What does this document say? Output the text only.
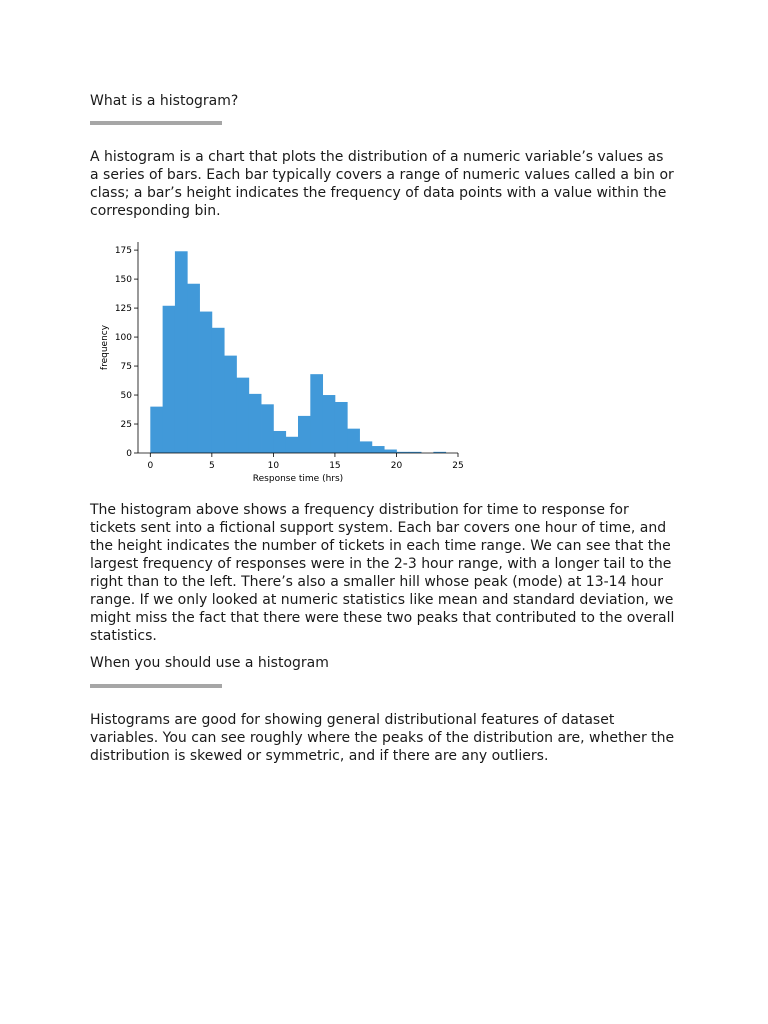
What is a histogram?

A histogram is a chart that plots the distribution of a numeric variable’s values as a series of bars. Each bar typically covers a range of numeric values called a bin or class; a bar’s height indicates the frequency of data points with a value within the corresponding bin.

The histogram above shows a frequency distribution for time to response for tickets sent into a fictional support system. Each bar covers one hour of time, and the height indicates the number of tickets in each time range. We can see that the largest frequency of responses were in the 2-3 hour range, with a longer tail to the right than to the left. There’s also a smaller hill whose peak (mode) at 13-14 hour range. If we only looked at numeric statistics like mean and standard deviation, we might miss the fact that there were these two peaks that contributed to the overall statistics.

When you should use a histogram

Histograms are good for showing general distributional features of dataset variables. You can see roughly where the peaks of the distribution are, whether the distribution is skewed or symmetric, and if there are any outliers.

0
25
50
75
100
125
150
175
0	5	10	15	20	25
Response time (hrs)
frequency
